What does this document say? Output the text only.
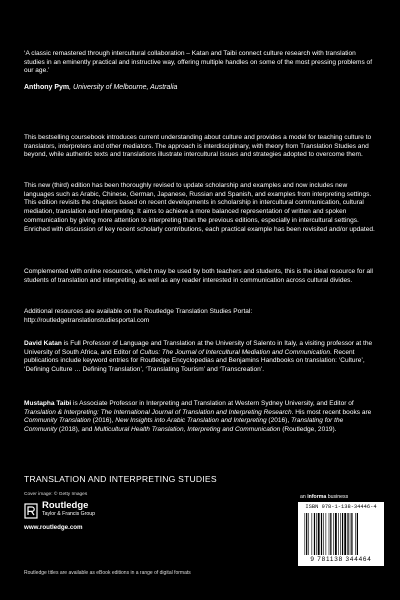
‘A classic remastered through intercultural collaboration – Katan and Taibi connect culture research with translation studies in an eminently practical and instructive way, offering multiple handles on some of the most pressing problems of our age.’

Anthony Pym, University of Melbourne, Australia

This bestselling coursebook introduces current understanding about culture and provides a model for teaching culture to translators, interpreters and other mediators. The approach is interdisciplinary, with theory from Translation Studies and beyond, while authentic texts and translations illustrate intercultural issues and strategies adopted to overcome them.

This new (third) edition has been thoroughly revised to update scholarship and examples and now includes new languages such as Arabic, Chinese, German, Japanese, Russian and Spanish, and examples from interpreting settings. This edition revisits the chapters based on recent developments in scholarship in intercultural communication, cultural mediation, translation and interpreting. It aims to achieve a more balanced representation of written and spoken communication by giving more attention to interpreting than the previous editions, especially in intercultural settings. Enriched with discussion of key recent scholarly contributions, each practical example has been revisited and/or updated.

Complemented with online resources, which may be used by both teachers and students, this is the ideal resource for all students of translation and interpreting, as well as any reader interested in communication across cultural divides.

Additional resources are available on the Routledge Translation Studies Portal: http://routledgetranslationstudiesportal.com

David Katan is Full Professor of Language and Translation at the University of Salento in Italy, a visiting professor at the University of South Africa, and Editor of Cultus: The Journal of Intercultural Mediation and Communication. Recent publications include keyword entries for Routledge Encyclopedias and Benjamins Handbooks on translation: ‘Culture’, ‘Defining Culture … Defining Translation’, ‘Translating Tourism’ and ‘Transcreation’.

Mustapha Taibi is Associate Professor in Interpreting and Translation at Western Sydney University, and Editor of Translation & Interpreting: The International Journal of Translation and Interpreting Research. His most recent books are Community Translation (2016), New Insights into Arabic Translation and Interpreting (2016), Translating for the Community (2018), and Multicultural Health Translation, Interpreting and Communication (Routledge, 2019).

TRANSLATION AND INTERPRETING STUDIES
Cover image: © Getty Images
Routledge
Taylor & Francis Group
www.routledge.com
an informa business
ISBN 978-1-138-34446-4
9 781138 344464
Routledge titles are available as eBook editions in a range of digital formats
